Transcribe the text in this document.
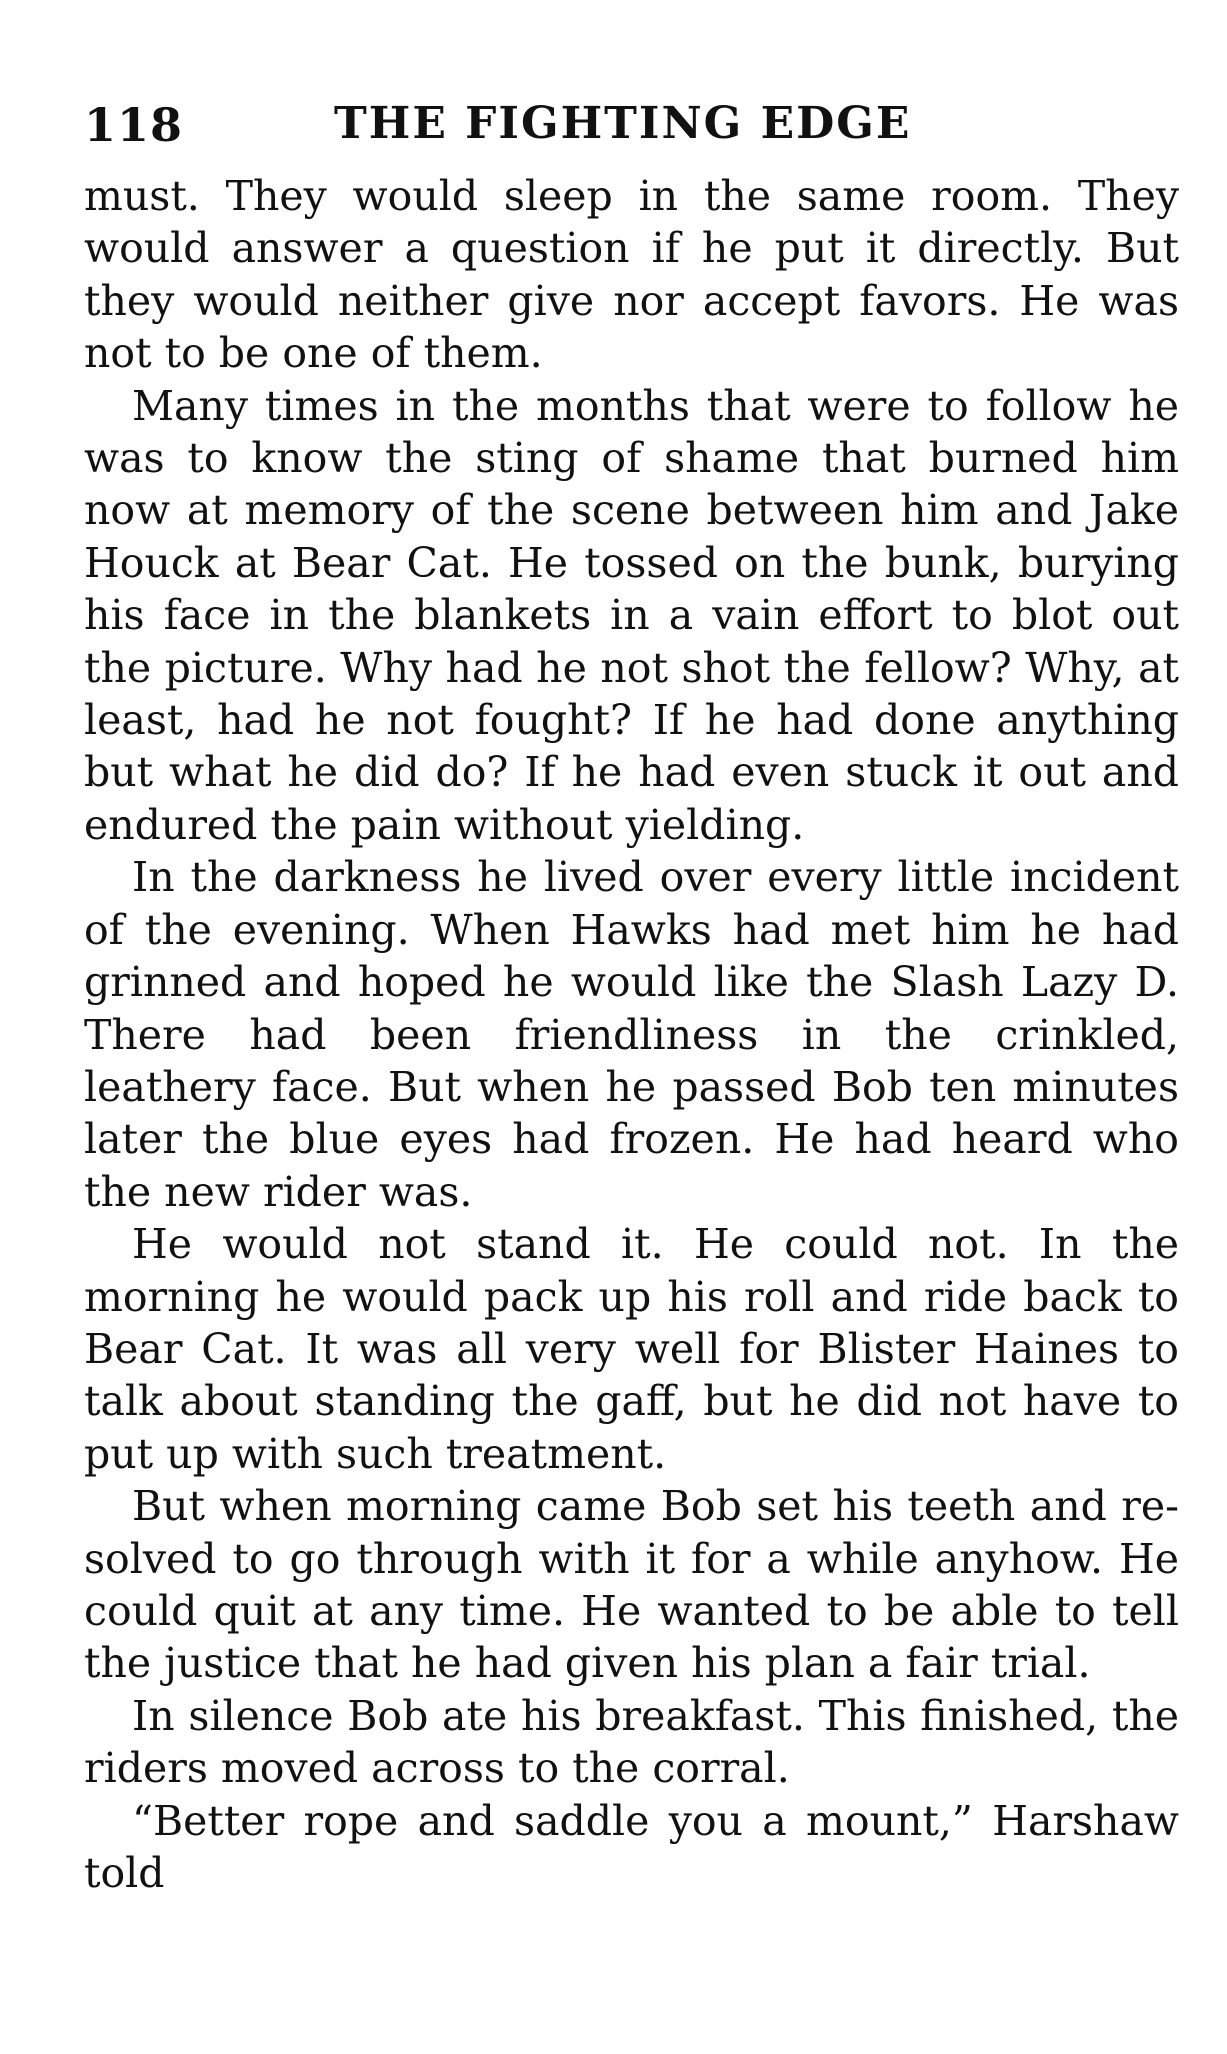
118	THE FIGHTING EDGE

must. They would sleep in the same room. They would answer a question if he put it directly. But they would neither give nor accept favors. He was not to be one of them.

Many times in the months that were to follow he was to know the sting of shame that burned him now at memory of the scene between him and Jake Houck at Bear Cat. He tossed on the bunk, burying his face in the blankets in a vain effort to blot out the picture. Why had he not shot the fellow? Why, at least, had he not fought? If he had done anything but what he did do? If he had even stuck it out and endured the pain without yielding.

In the darkness he lived over every little incident of the evening. When Hawks had met him he had grinned and hoped he would like the Slash Lazy D. There had been friendliness in the crinkled, leathery face. But when he passed Bob ten minutes later the blue eyes had frozen. He had heard who the new rider was.

He would not stand it. He could not. In the morning he would pack up his roll and ride back to Bear Cat. It was all very well for Blister Haines to talk about standing the gaff, but he did not have to put up with such treatment.

But when morning came Bob set his teeth and resolved to go through with it for a while anyhow. He could quit at any time. He wanted to be able to tell the justice that he had given his plan a fair trial.

In silence Bob ate his breakfast. This finished, the riders moved across to the corral.

“Better rope and saddle you a mount,” Harshaw told
